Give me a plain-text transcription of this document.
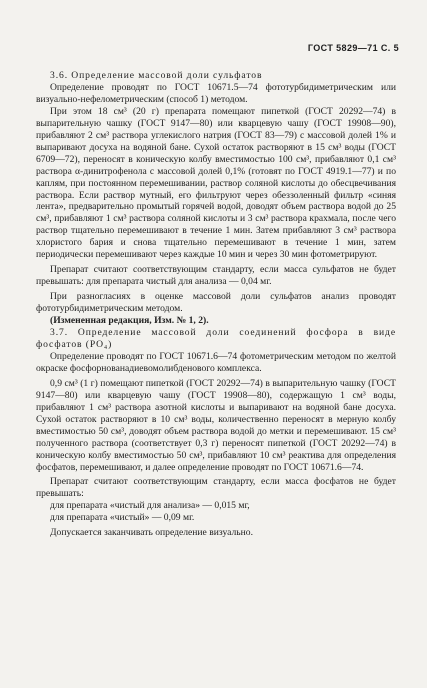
ГОСТ 5829—71 С. 5

3.6. Определение массовой доли сульфатов

Определение проводят по ГОСТ 10671.5—74 фототурбидиметрическим или визуально-нефелометрическим (способ 1) методом.

При этом 18 см³ (20 г) препарата помещают пипеткой (ГОСТ 20292—74) в выпарительную чашку (ГОСТ 9147—80) или кварцевую чашу (ГОСТ 19908—90), прибавляют 2 см³ раствора углекислого натрия (ГОСТ 83—79) с массовой долей 1% и выпаривают досуха на водяной бане. Сухой остаток растворяют в 15 см³ воды (ГОСТ 6709—72), переносят в коническую колбу вместимостью 100 см³, прибавляют 0,1 см³ раствора α-динитрофенола с массовой долей 0,1% (готовят по ГОСТ 4919.1—77) и по каплям, при постоянном перемешивании, раствор соляной кислоты до обесцвечивания раствора. Если раствор мутный, его фильтруют через обеззоленный фильтр «синяя лента», предварительно промытый горячей водой, доводят объем раствора водой до 25 см³, прибавляют 1 см³ раствора соляной кислоты и 3 см³ раствора крахмала, после чего раствор тщательно перемешивают в течение 1 мин. Затем прибавляют 3 см³ раствора хлористого бария и снова тщательно перемешивают в течение 1 мин, затем периодически перемешивают через каждые 10 мин и через 30 мин фотометрируют.

Препарат считают соответствующим стандарту, если масса сульфатов не будет превышать: для препарата чистый для анализа — 0,04 мг.

При разногласиях в оценке массовой доли сульфатов анализ проводят фототурбидиметрическим методом.

(Измененная редакция, Изм. № 1, 2).

3.7. Определение массовой доли соединений фосфора в виде фосфатов (PO₄)

Определение проводят по ГОСТ 10671.6—74 фотометрическим методом по желтой окраске фосфорнованадиевомолибденового комплекса.

0,9 см³ (1 г) помещают пипеткой (ГОСТ 20292—74) в выпарительную чашку (ГОСТ 9147—80) или кварцевую чашу (ГОСТ 19908—80), содержащую 1 см³ воды, прибавляют 1 см³ раствора азотной кислоты и выпаривают на водяной бане досуха. Сухой остаток растворяют в 10 см³ воды, количественно переносят в мерную колбу вместимостью 50 см³, доводят объем раствора водой до метки и перемешивают. 15 см³ полученного раствора (соответствует 0,3 г) переносят пипеткой (ГОСТ 20292—74) в коническую колбу вместимостью 50 см³, прибавляют 10 см³ реактива для определения фосфатов, перемешивают, и далее определение проводят по ГОСТ 10671.6—74.

Препарат считают соответствующим стандарту, если масса фосфатов не будет превышать:

для препарата «чистый для анализа» — 0,015 мг,

для препарата «чистый» — 0,09 мг.

Допускается заканчивать определение визуально.
